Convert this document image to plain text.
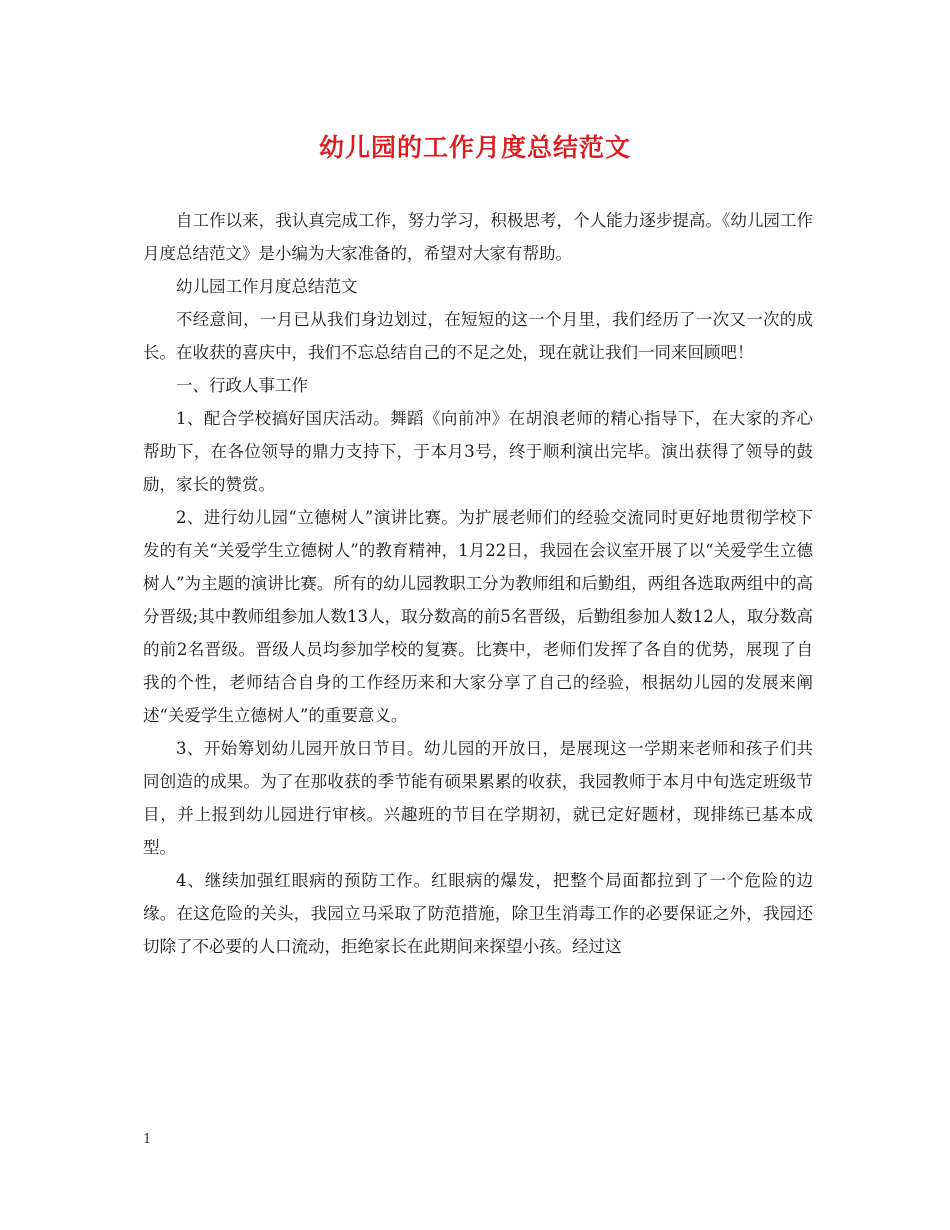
幼儿园的工作月度总结范文

自工作以来，我认真完成工作，努力学习，积极思考，个人能力逐步提高。《幼儿园工作月度总结范文》是小编为大家准备的，希望对大家有帮助。

幼儿园工作月度总结范文

不经意间，一月已从我们身边划过，在短短的这一个月里，我们经历了一次又一次的成长。在收获的喜庆中，我们不忘总结自己的不足之处，现在就让我们一同来回顾吧！

一、行政人事工作

1、配合学校搞好国庆活动。舞蹈《向前冲》在胡浪老师的精心指导下，在大家的齐心帮助下，在各位领导的鼎力支持下，于本月3号，终于顺利演出完毕。演出获得了领导的鼓励，家长的赞赏。

2、进行幼儿园“立德树人”演讲比赛。为扩展老师们的经验交流同时更好地贯彻学校下发的有关“关爱学生立德树人”的教育精神，1月22日，我园在会议室开展了以“关爱学生立德树人”为主题的演讲比赛。所有的幼儿园教职工分为教师组和后勤组，两组各选取两组中的高分晋级;其中教师组参加人数13人，取分数高的前5名晋级，后勤组参加人数12人，取分数高的前2名晋级。晋级人员均参加学校的复赛。比赛中，老师们发挥了各自的优势，展现了自我的个性，老师结合自身的工作经历来和大家分享了自己的经验，根据幼儿园的发展来阐述“关爱学生立德树人”的重要意义。

3、开始筹划幼儿园开放日节目。幼儿园的开放日，是展现这一学期来老师和孩子们共同创造的成果。为了在那收获的季节能有硕果累累的收获，我园教师于本月中旬选定班级节目，并上报到幼儿园进行审核。兴趣班的节目在学期初，就已定好题材，现排练已基本成型。

4、继续加强红眼病的预防工作。红眼病的爆发，把整个局面都拉到了一个危险的边缘。在这危险的关头，我园立马采取了防范措施，除卫生消毒工作的必要保证之外，我园还切除了不必要的人口流动，拒绝家长在此期间来探望小孩。经过这

1
